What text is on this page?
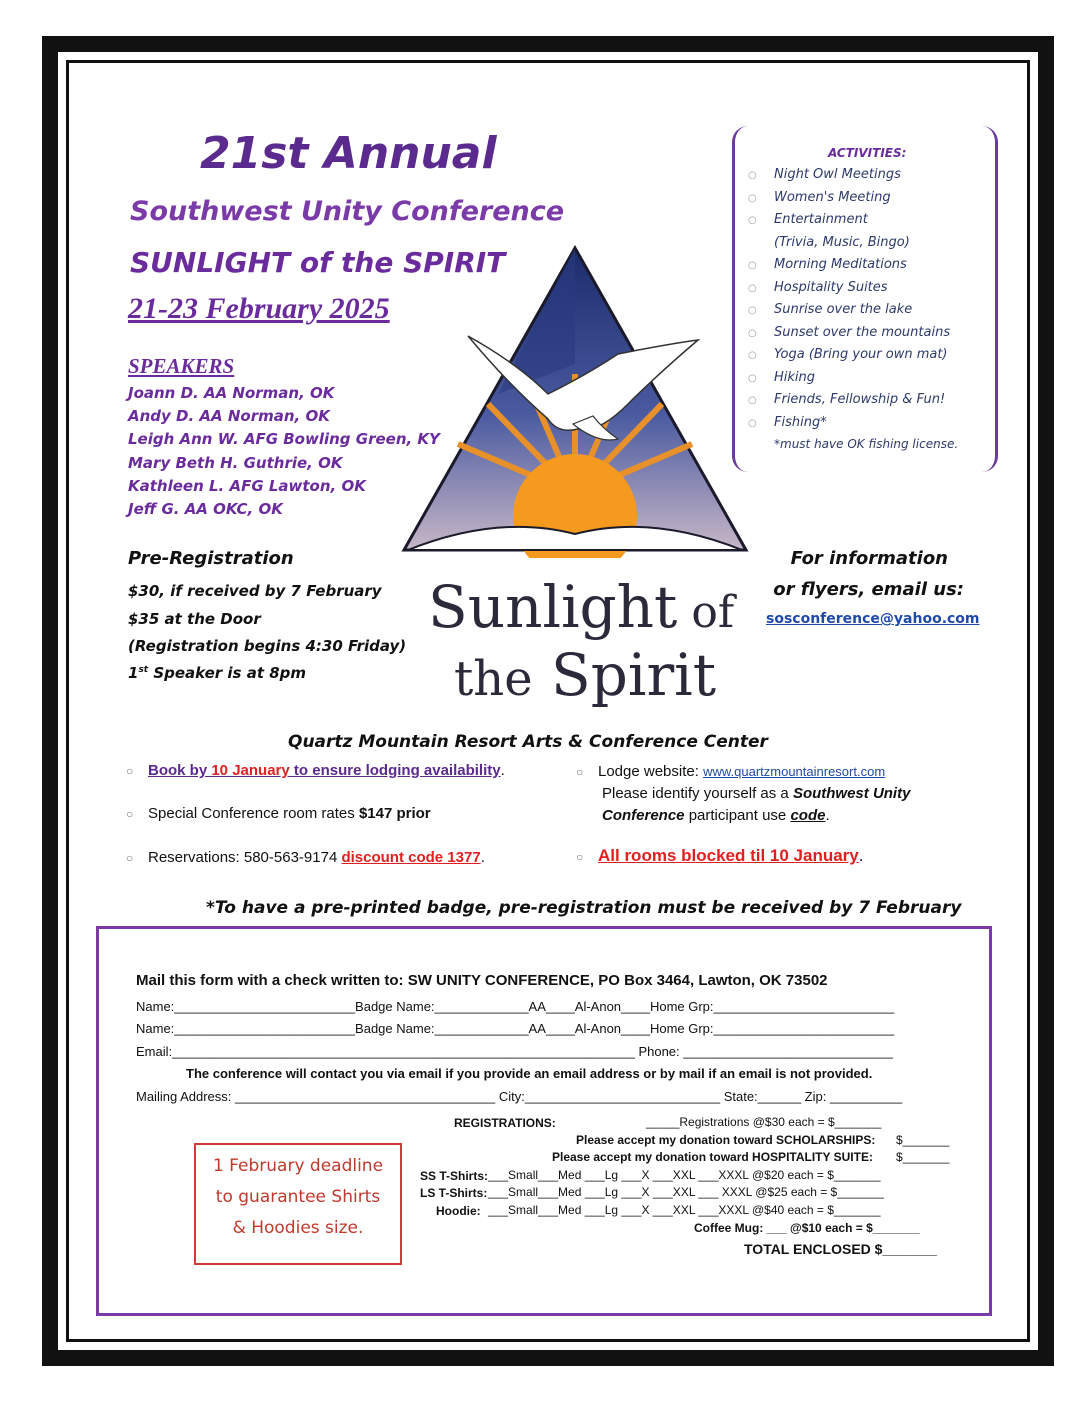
21st Annual
Southwest Unity Conference
SUNLIGHT of the SPIRIT
21-23 February 2025
SPEAKERS
Joann D. AA Norman, OK
Andy D. AA Norman, OK
Leigh Ann W. AFG Bowling Green, KY
Mary Beth H. Guthrie, OK
Kathleen L. AFG Lawton, OK
Jeff G. AA OKC, OK
ACTIVITIES:
○ Night Owl Meetings
○ Women's Meeting
○ Entertainment
(Trivia, Music, Bingo)
○ Morning Meditations
○ Hospitality Suites
○ Sunrise over the lake
○ Sunset over the mountains
○ Yoga (Bring your own mat)
○ Hiking
○ Friends, Fellowship & Fun!
○ Fishing*
*must have OK fishing license.
Sunlight of
the Spirit
Pre-Registration
$30, if received by 7 February
$35 at the Door
(Registration begins 4:30 Friday)
1st Speaker is at 8pm
For information
or flyers, email us:
sosconference@yahoo.com
Quartz Mountain Resort Arts & Conference Center
○ Book by 10 January to ensure lodging availability.
○ Special Conference room rates $147 prior
○ Reservations: 580-563-9174 discount code 1377.
○ Lodge website: www.quartzmountainresort.com
Please identify yourself as a Southwest Unity
Conference participant use code.
○ All rooms blocked til 10 January.
*To have a pre-printed badge, pre-registration must be received by 7 February
Mail this form with a check written to: SW UNITY CONFERENCE, PO Box 3464, Lawton, OK 73502
Name:_________________________Badge Name:_____________AA____Al-Anon____Home Grp:_________________________
Name:_________________________Badge Name:_____________AA____Al-Anon____Home Grp:_________________________
Email:________________________________________________________________ Phone: _____________________________
The conference will contact you via email if you provide an email address or by mail if an email is not provided.
Mailing Address: ____________________________________ City:___________________________ State:______ Zip: __________
REGISTRATIONS:	_____Registrations @$30 each = $_______
Please accept my donation toward SCHOLARSHIPS: $_______
Please accept my donation toward HOSPITALITY SUITE: $_______
SS T-Shirts: ___Small___Med ___Lg ___X ___XXL ___XXXL @$20 each = $_______
LS T-Shirts: ___Small___Med ___Lg ___X ___XXL ___ XXXL @$25 each = $_______
Hoodie: ___Small___Med ___Lg ___X ___XXL ___XXXL @$40 each = $_______
Coffee Mug: ___ @$10 each = $_______
TOTAL ENCLOSED $_______
1 February deadline
to guarantee Shirts
& Hoodies size.
